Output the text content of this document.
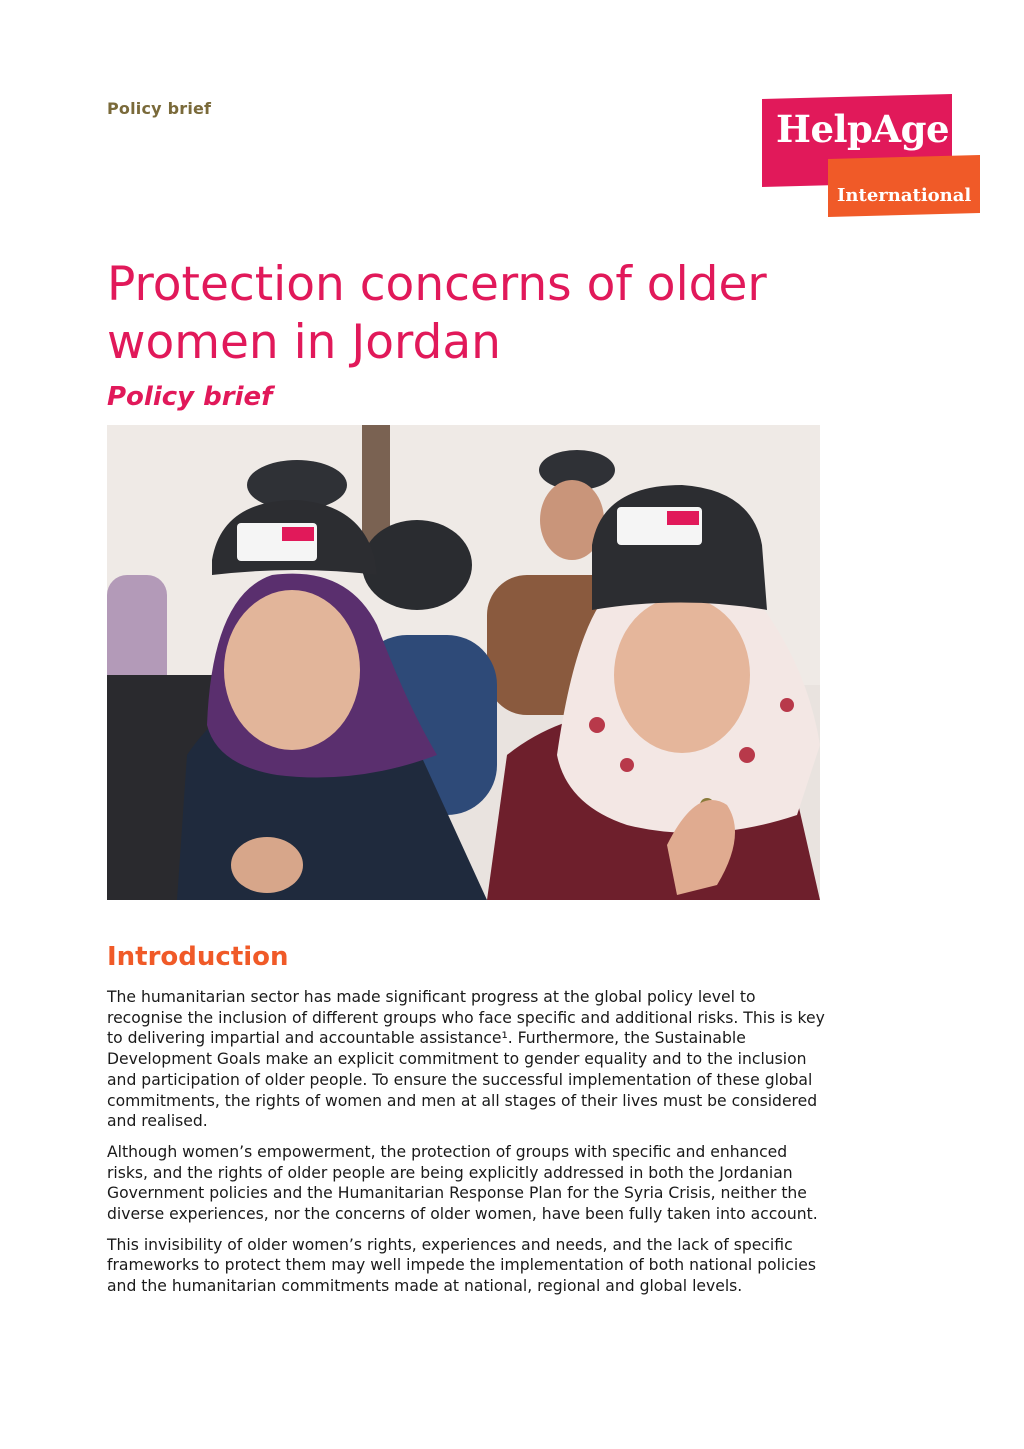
Policy brief	HelpAge
International
Protection concerns of older women in Jordan
Policy brief
Introduction

The humanitarian sector has made significant progress at the global policy level to recognise the inclusion of different groups who face specific and additional risks. This is key to delivering impartial and accountable assistance¹. Furthermore, the Sustainable Development Goals make an explicit commitment to gender equality and to the inclusion and participation of older people. To ensure the successful implementation of these global commitments, the rights of women and men at all stages of their lives must be considered and realised.

Although women’s empowerment, the protection of groups with specific and enhanced risks, and the rights of older people are being explicitly addressed in both the Jordanian Government policies and the Humanitarian Response Plan for the Syria Crisis, neither the diverse experiences, nor the concerns of older women, have been fully taken into account.

This invisibility of older women’s rights, experiences and needs, and the lack of specific frameworks to protect them may well impede the implementation of both national policies and the humanitarian commitments made at national, regional and global levels.
